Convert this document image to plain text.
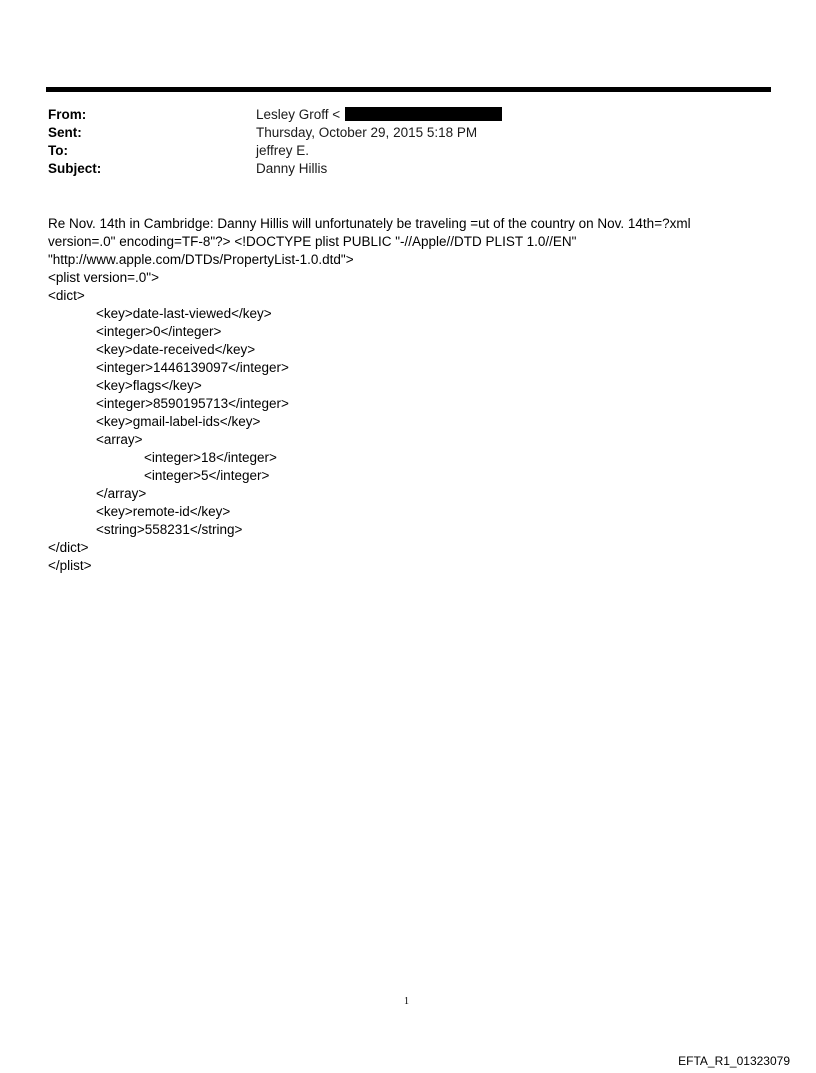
From:	Lesley Groff <
Sent:	Thursday, October 29, 2015 5:18 PM
To:	jeffrey E.
Subject:	Danny Hillis
Re Nov. 14th in Cambridge: Danny Hillis will unfortunately be traveling =ut of the country on Nov. 14th=?xml
version=.0" encoding=TF-8"?> <!DOCTYPE plist PUBLIC "-//Apple//DTD PLIST 1.0//EN"
"http://www.apple.com/DTDs/PropertyList-1.0.dtd">
<plist version=.0">
<dict>
<key>date-last-viewed</key>
<integer>0</integer>
<key>date-received</key>
<integer>1446139097</integer>
<key>flags</key>
<integer>8590195713</integer>
<key>gmail-label-ids</key>
<array>
<integer>18</integer>
<integer>5</integer>
</array>
<key>remote-id</key>
<string>558231</string>
</dict>
</plist>
1
EFTA_R1_01323079
